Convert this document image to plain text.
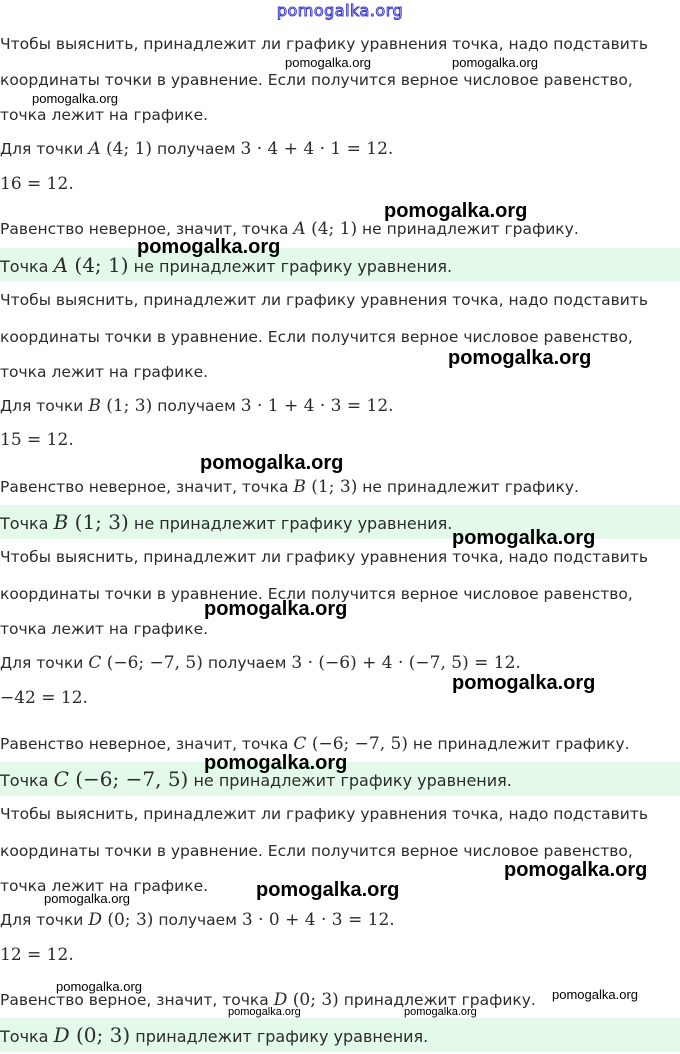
pomogalka.org
Чтобы выяснить, принадлежит ли графику уравнения точка, надо подставить
координаты точки в уравнение. Если получится верное числовое равенство,
точка лежит на графике.
Для точки A (4; 1) получаем 3 · 4 + 4 · 1 = 12.
16 = 12.
Равенство неверное, значит, точка A (4; 1) не принадлежит графику.
Точка A (4; 1) не принадлежит графику уравнения.
Чтобы выяснить, принадлежит ли графику уравнения точка, надо подставить
координаты точки в уравнение. Если получится верное числовое равенство,
точка лежит на графике.
Для точки B (1; 3) получаем 3 · 1 + 4 · 3 = 12.
15 = 12.
Равенство неверное, значит, точка B (1; 3) не принадлежит графику.
Точка B (1; 3) не принадлежит графику уравнения.
Чтобы выяснить, принадлежит ли графику уравнения точка, надо подставить
координаты точки в уравнение. Если получится верное числовое равенство,
точка лежит на графике.
Для точки C (−6; −7, 5) получаем 3 · (−6) + 4 · (−7, 5) = 12.
−42 = 12.
Равенство неверное, значит, точка C (−6; −7, 5) не принадлежит графику.
Точка C (−6; −7, 5) не принадлежит графику уравнения.
Чтобы выяснить, принадлежит ли графику уравнения точка, надо подставить
координаты точки в уравнение. Если получится верное числовое равенство,
точка лежит на графике.
Для точки D (0; 3) получаем 3 · 0 + 4 · 3 = 12.
12 = 12.
Равенство верное, значит, точка D (0; 3) принадлежит графику.
Точка D (0; 3) принадлежит графику уравнения.
pomogalka.org	pomogalka.org
pomogalka.org
pomogalka.org
pomogalka.org
pomogalka.org
pomogalka.org
pomogalka.org
pomogalka.org
pomogalka.org
pomogalka.org
pomogalka.org
pomogalka.org
pomogalka.org
pomogalka.org
pomogalka.org
pomogalka.org	pomogalka.org
